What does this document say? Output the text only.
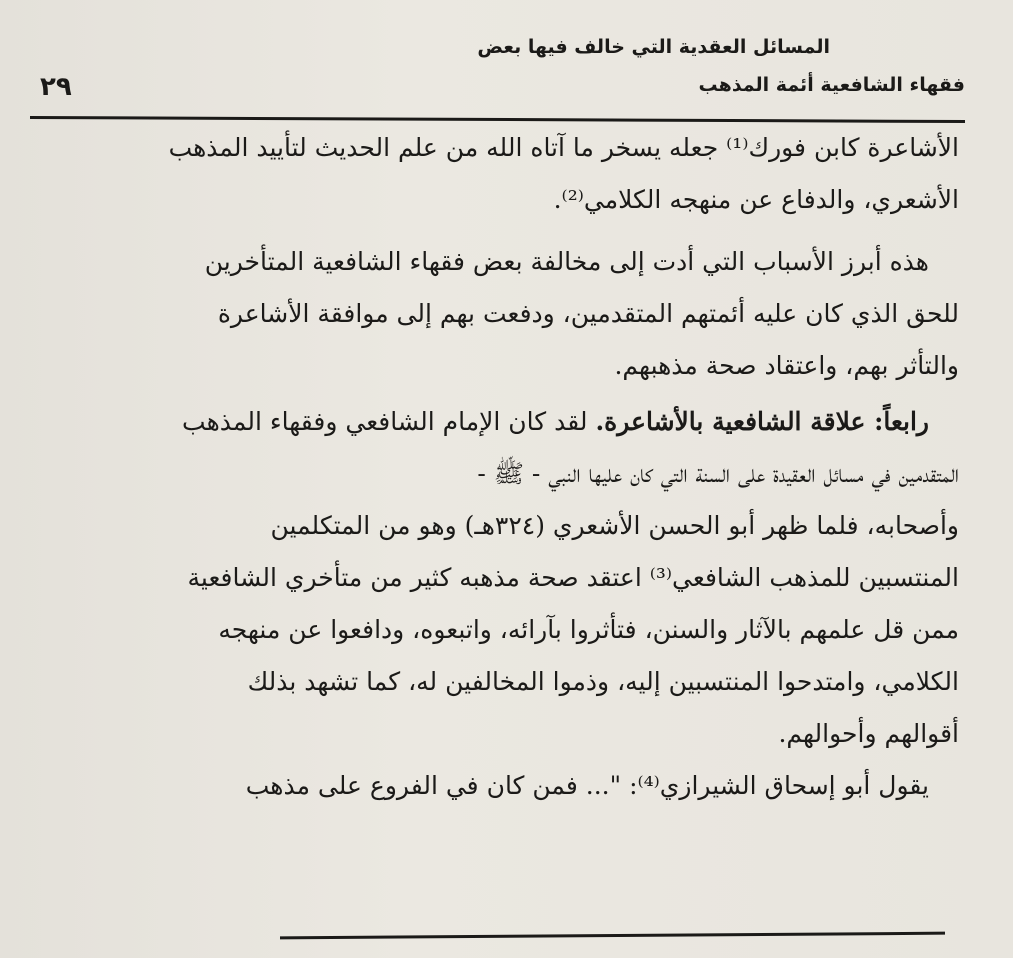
٢٩
المسائل العقدية التي خالف فيها بعض
فقهاء الشافعية أئمة المذهب
الأشاعرة كابن فورك⁽¹⁾ جعله يسخر ما آتاه الله من علم الحديث لتأييد المذهب
الأشعري، والدفاع عن منهجه الكلامي⁽²⁾.
هذه أبرز الأسباب التي أدت إلى مخالفة بعض فقهاء الشافعية المتأخرين
للحق الذي كان عليه أئمتهم المتقدمين، ودفعت بهم إلى موافقة الأشاعرة
والتأثر بهم، واعتقاد صحة مذهبهم.
رابعاً: علاقة الشافعية بالأشاعرة. لقد كان الإمام الشافعي وفقهاء المذهب
المتقدمين في مسائل العقيدة على السنة التي كان عليها النبي - ﷺ -
وأصحابه، فلما ظهر أبو الحسن الأشعري (٣٢٤هـ) وهو من المتكلمين
المنتسبين للمذهب الشافعي⁽³⁾ اعتقد صحة مذهبه كثير من متأخري الشافعية
ممن قل علمهم بالآثار والسنن، فتأثروا بآرائه، واتبعوه، ودافعوا عن منهجه
الكلامي، وامتدحوا المنتسبين إليه، وذموا المخالفين له، كما تشهد بذلك
أقوالهم وأحوالهم.
يقول أبو إسحاق الشيرازي⁽⁴⁾: "... فمن كان في الفروع على مذهب
